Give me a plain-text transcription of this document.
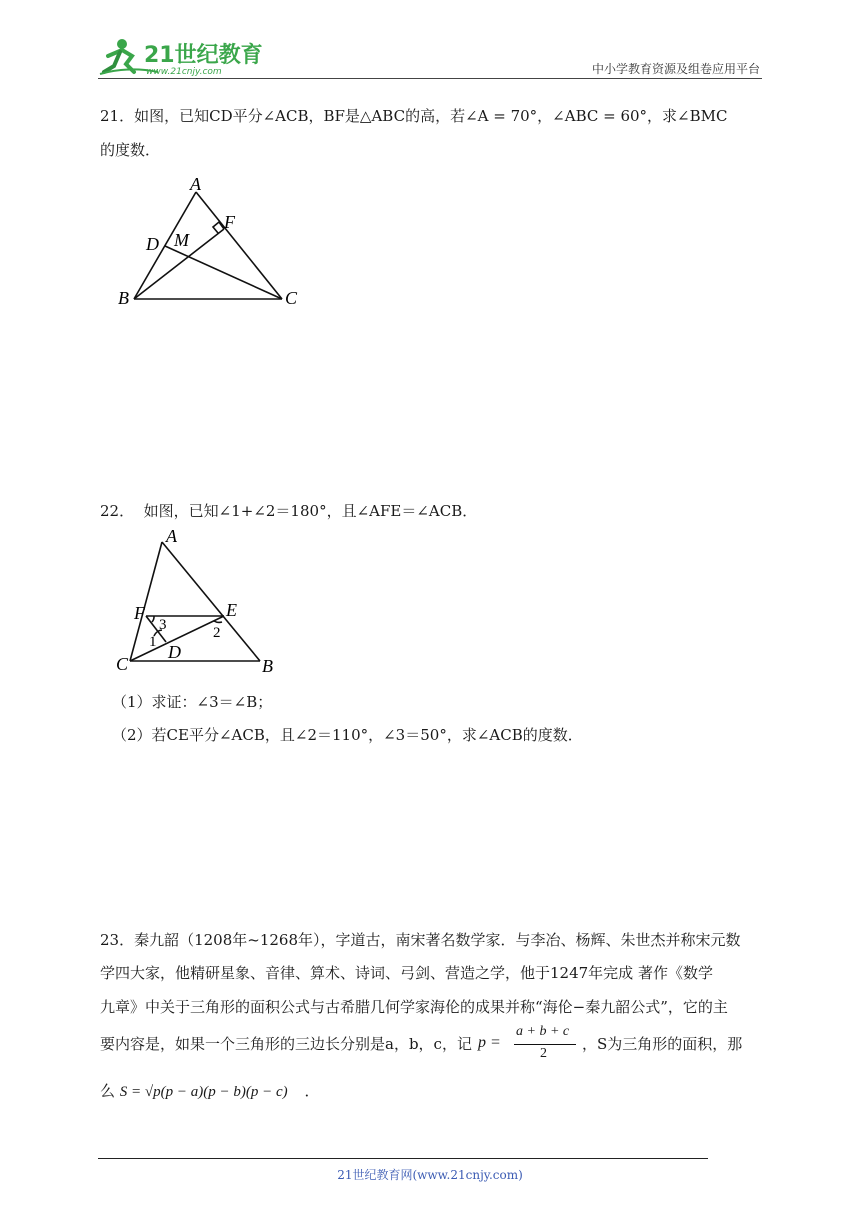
21世纪教育
www.21cnjy.com	中小学教育资源及组卷应用平台
21．如图，已知CD平分∠ACB，BF是△ABC的高，若∠A = 70°，∠ABC = 60°，求∠BMC
的度数．
A
B	C
D M
F
22． 如图，已知∠1+∠2＝180°，且∠AFE＝∠ACB．
F	E
A
C	B
D
1
2
3
（1）求证：∠3＝∠B；
（2）若CE平分∠ACB，且∠2＝110°，∠3＝50°，求∠ACB的度数．
23．秦九韶（1208年~1268年），字道古，南宋著名数学家．与李冶、杨辉、朱世杰并称宋元数
学四大家，他精研星象、音律、算术、诗词、弓剑、营造之学，他于1247年完成 著作《数学
九章》中关于三角形的面积公式与古希腊几何学家海伦的成果并称“海伦−秦九韶公式”，它的主
要内容是，如果一个三角形的三边长分别是a，b，c，记 p =
a + b + c
2
，S为三角形的面积，那
么 S = √p(p − a)(p − b)(p − c) ．
21世纪教育网(www.21cnjy.com)
